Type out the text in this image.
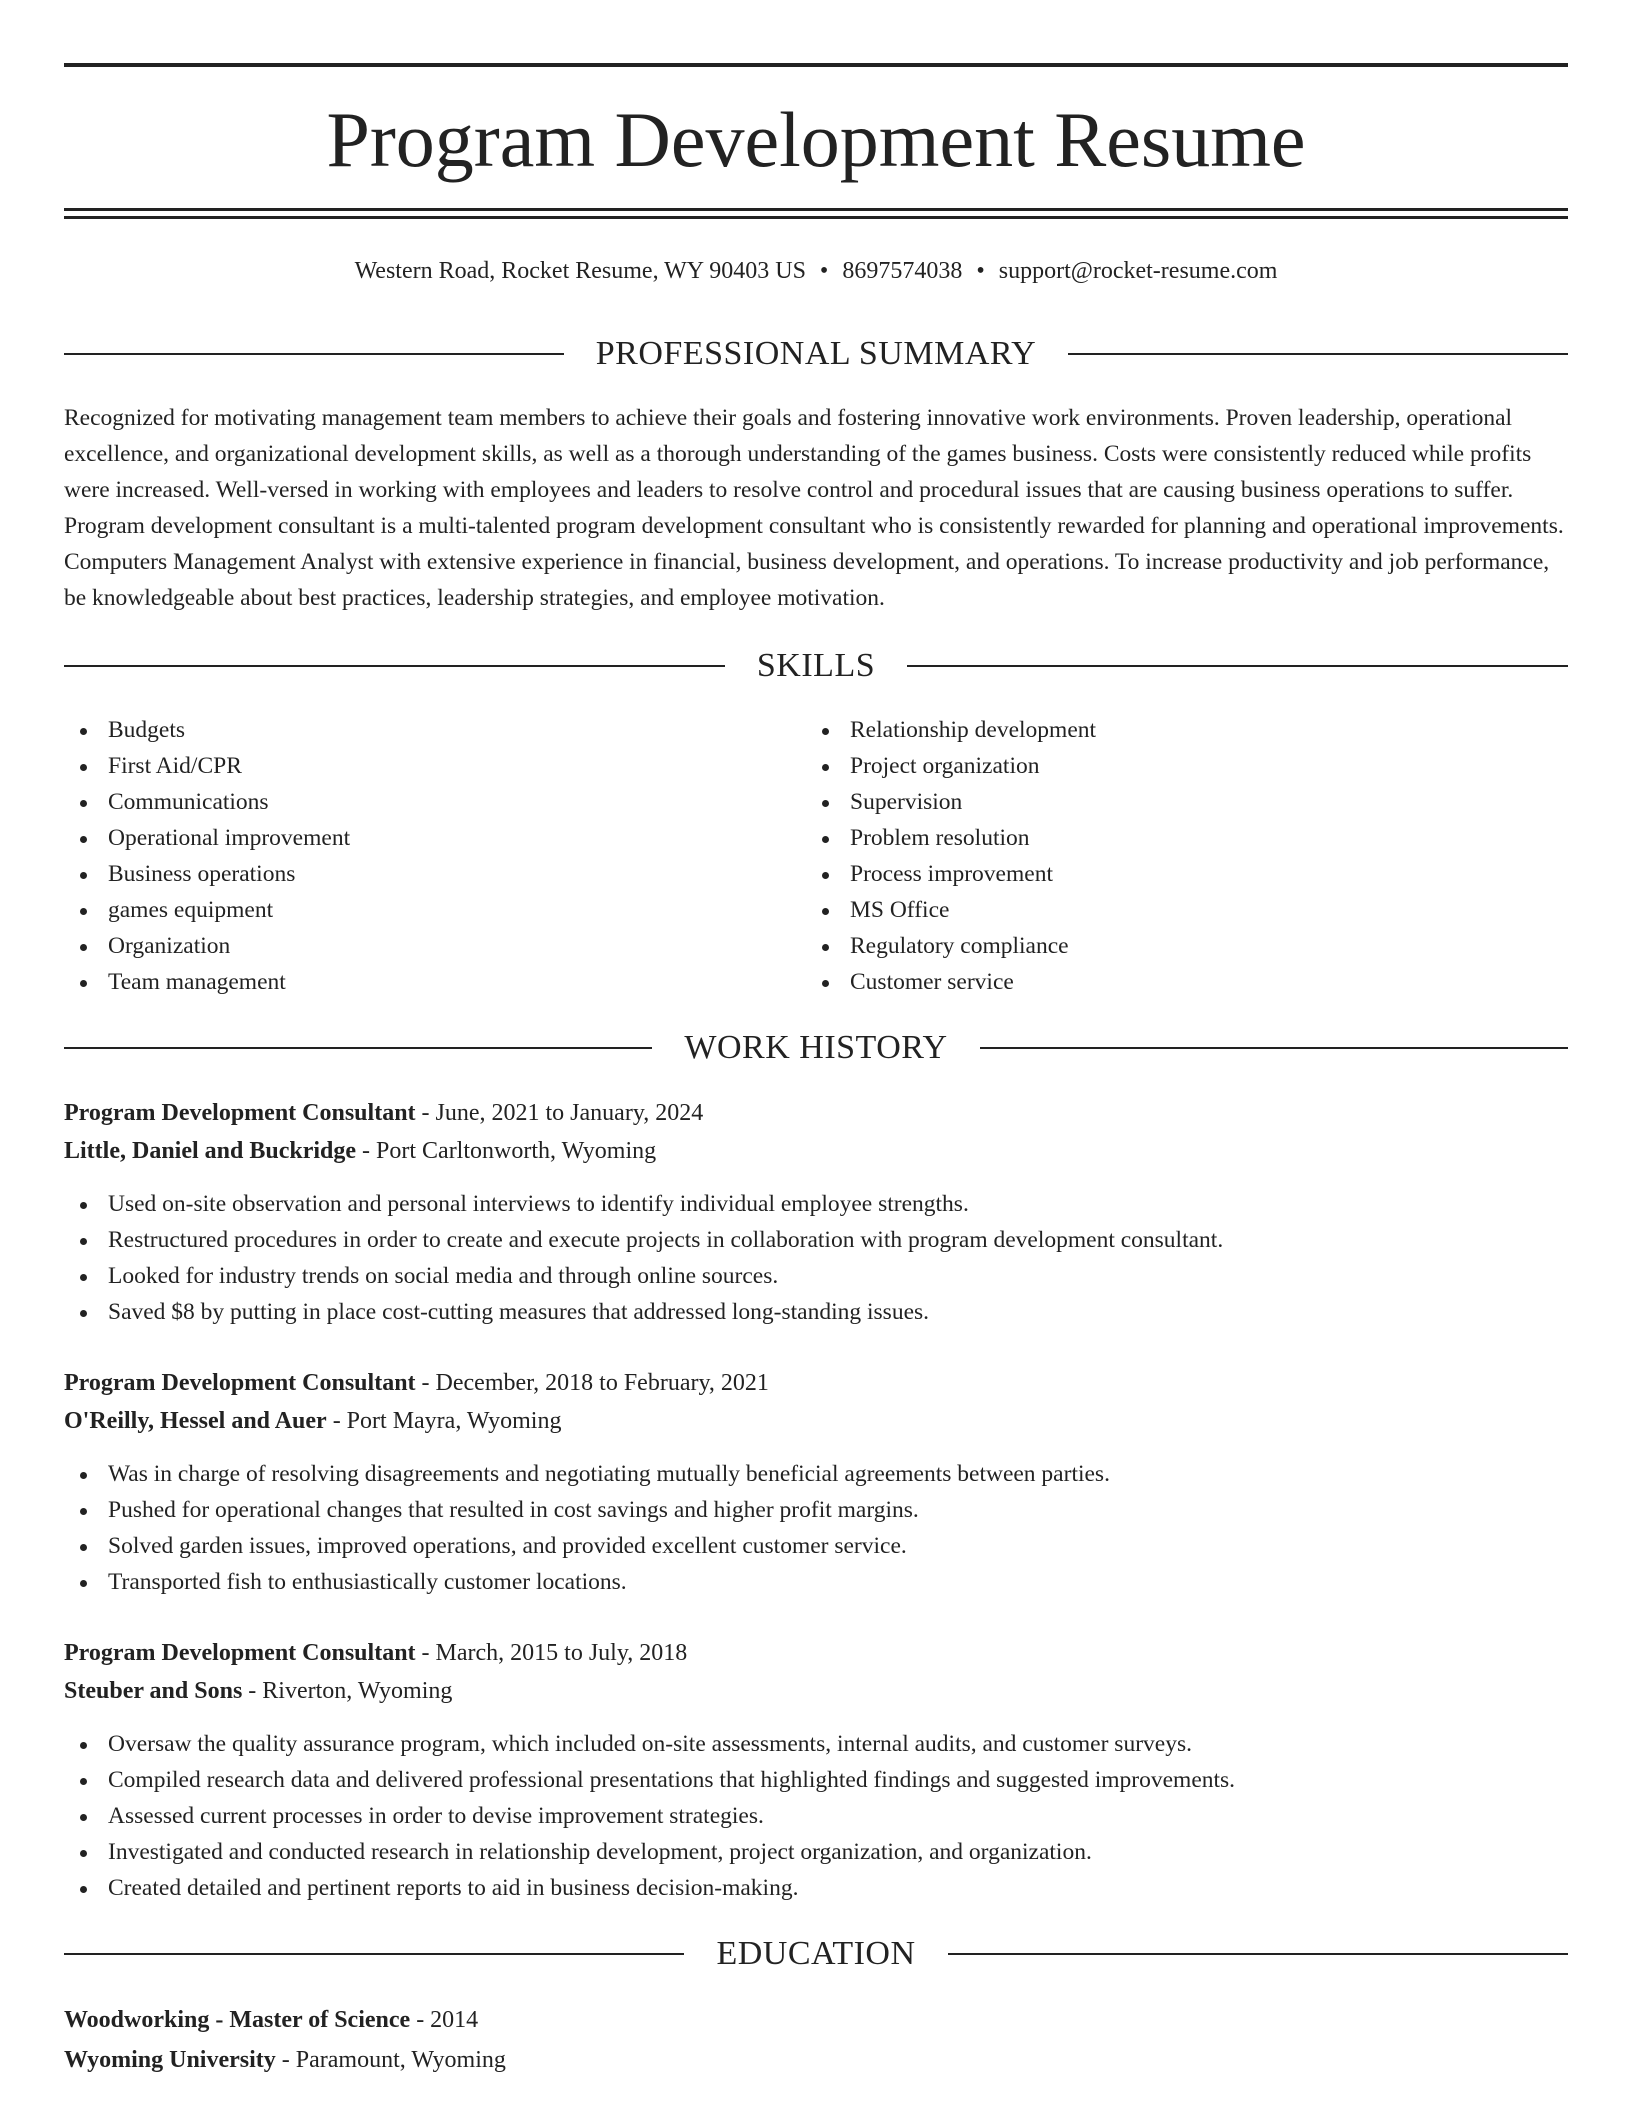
Program Development Resume
Western Road, Rocket Resume, WY 90403 US • 8697574038 • support@rocket-resume.com
PROFESSIONAL SUMMARY

Recognized for motivating management team members to achieve their goals and fostering innovative work environments. Proven leadership, operational excellence, and organizational development skills, as well as a thorough understanding of the games business. Costs were consistently reduced while profits were increased. Well-versed in working with employees and leaders to resolve control and procedural issues that are causing business operations to suffer. Program development consultant is a multi-talented program development consultant who is consistently rewarded for planning and operational improvements. Computers Management Analyst with extensive experience in financial, business development, and operations. To increase productivity and job performance, be knowledgeable about best practices, leadership strategies, and employee motivation.

SKILLS
Budgets
First Aid/CPR
Communications
Operational improvement
Business operations
games equipment
Organization
Team management
Relationship development
Project organization
Supervision
Problem resolution
Process improvement
MS Office
Regulatory compliance
Customer service
WORK HISTORY
Program Development Consultant - June, 2021 to January, 2024
Little, Daniel and Buckridge - Port Carltonworth, Wyoming
Used on-site observation and personal interviews to identify individual employee strengths.
Restructured procedures in order to create and execute projects in collaboration with program development consultant.
Looked for industry trends on social media and through online sources.
Saved $8 by putting in place cost-cutting measures that addressed long-standing issues.
Program Development Consultant - December, 2018 to February, 2021
O'Reilly, Hessel and Auer - Port Mayra, Wyoming
Was in charge of resolving disagreements and negotiating mutually beneficial agreements between parties.
Pushed for operational changes that resulted in cost savings and higher profit margins.
Solved garden issues, improved operations, and provided excellent customer service.
Transported fish to enthusiastically customer locations.
Program Development Consultant - March, 2015 to July, 2018
Steuber and Sons - Riverton, Wyoming
Oversaw the quality assurance program, which included on-site assessments, internal audits, and customer surveys.
Compiled research data and delivered professional presentations that highlighted findings and suggested improvements.
Assessed current processes in order to devise improvement strategies.
Investigated and conducted research in relationship development, project organization, and organization.
Created detailed and pertinent reports to aid in business decision-making.
EDUCATION
Woodworking - Master of Science - 2014
Wyoming University - Paramount, Wyoming
